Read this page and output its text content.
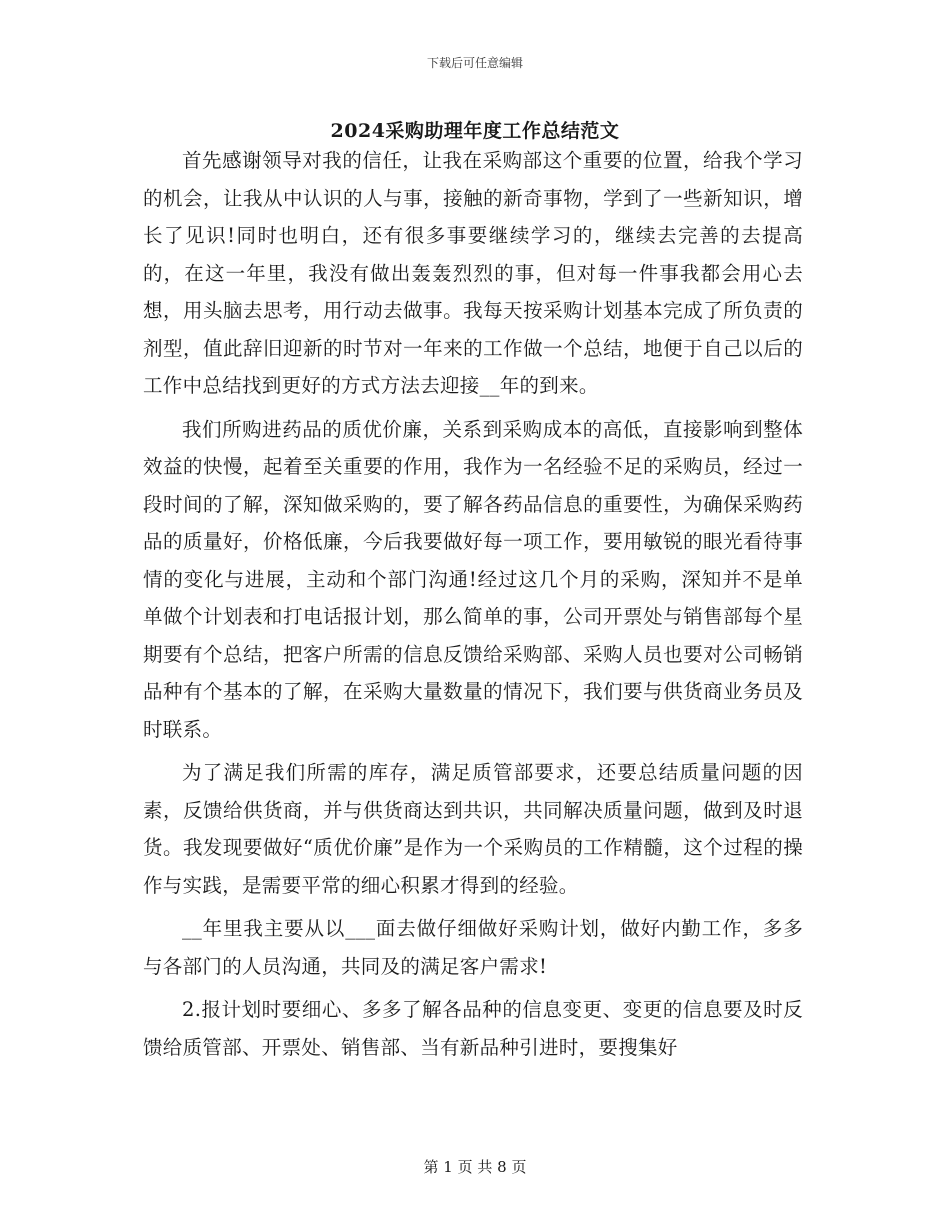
下载后可任意编辑
2024采购助理年度工作总结范文

首先感谢领导对我的信任，让我在采购部这个重要的位置，给我个学习的机会，让我从中认识的人与事，接触的新奇事物，学到了一些新知识，增长了见识!同时也明白，还有很多事要继续学习的，继续去完善的去提高的，在这一年里，我没有做出轰轰烈烈的事，但对每一件事我都会用心去想，用头脑去思考，用行动去做事。我每天按采购计划基本完成了所负责的剂型，值此辞旧迎新的时节对一年来的工作做一个总结，地便于自己以后的工作中总结找到更好的方式方法去迎接__年的到来。

我们所购进药品的质优价廉，关系到采购成本的高低，直接影响到整体效益的快慢，起着至关重要的作用，我作为一名经验不足的采购员，经过一段时间的了解，深知做采购的，要了解各药品信息的重要性，为确保采购药品的质量好，价格低廉，今后我要做好每一项工作，要用敏锐的眼光看待事情的变化与进展，主动和个部门沟通!经过这几个月的采购，深知并不是单单做个计划表和打电话报计划，那么简单的事，公司开票处与销售部每个星期要有个总结，把客户所需的信息反馈给采购部、采购人员也要对公司畅销品种有个基本的了解，在采购大量数量的情况下，我们要与供货商业务员及时联系。

为了满足我们所需的库存，满足质管部要求，还要总结质量问题的因素，反馈给供货商，并与供货商达到共识，共同解决质量问题，做到及时退货。我发现要做好“质优价廉”是作为一个采购员的工作精髓，这个过程的操作与实践，是需要平常的细心积累才得到的经验。

__年里我主要从以___面去做仔细做好采购计划，做好内勤工作，多多与各部门的人员沟通，共同及的满足客户需求!

2.报计划时要细心、多多了解各品种的信息变更、变更的信息要及时反馈给质管部、开票处、销售部、当有新品种引进时，要搜集好

第 1 页 共 8 页
